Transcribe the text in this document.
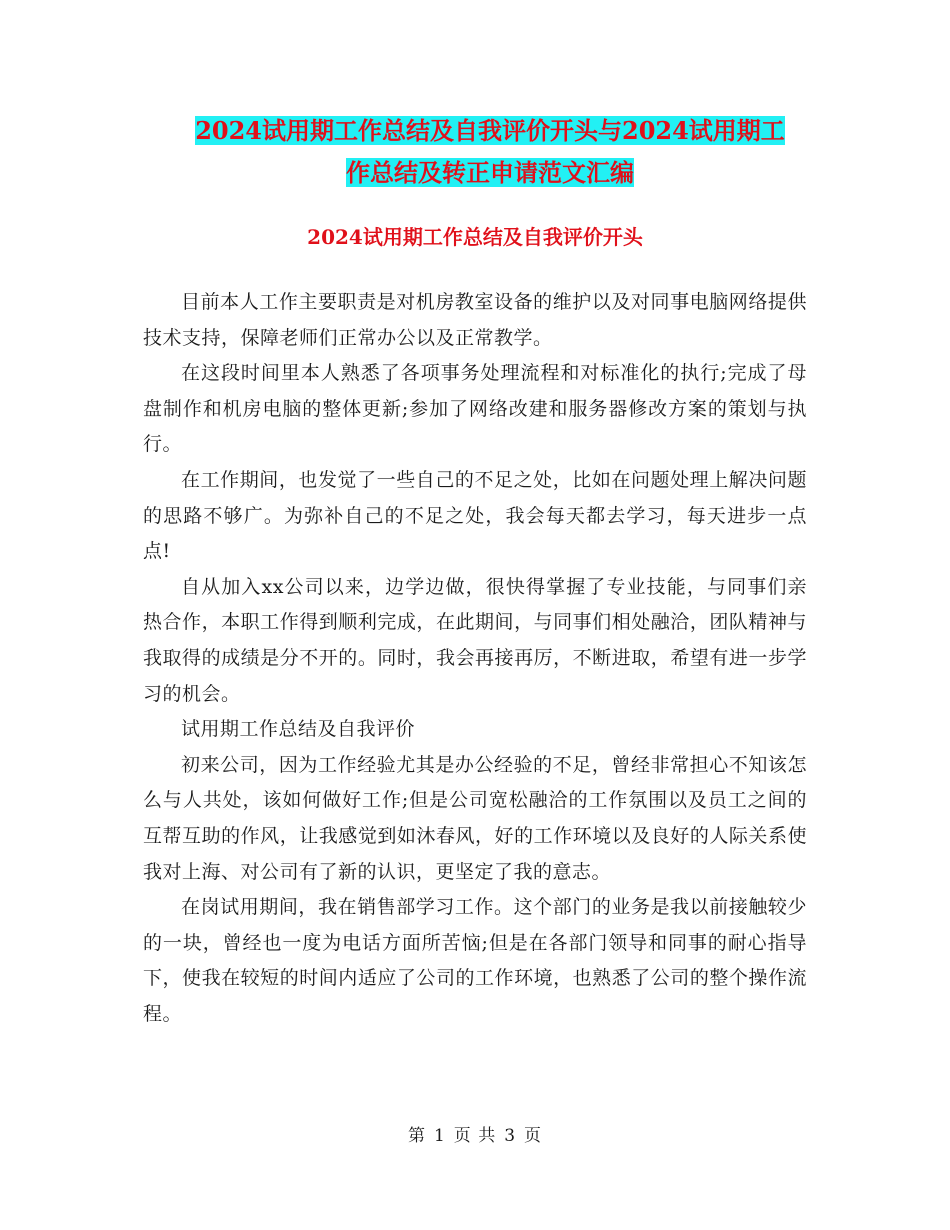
2024试用期工作总结及自我评价开头与2024试用期工
作总结及转正申请范文汇编
2024试用期工作总结及自我评价开头

目前本人工作主要职责是对机房教室设备的维护以及对同事电脑网络提供技术支持，保障老师们正常办公以及正常教学。

在这段时间里本人熟悉了各项事务处理流程和对标准化的执行;完成了母盘制作和机房电脑的整体更新;参加了网络改建和服务器修改方案的策划与执行。

在工作期间，也发觉了一些自己的不足之处，比如在问题处理上解决问题的思路不够广。为弥补自己的不足之处，我会每天都去学习，每天进步一点点!

自从加入xx公司以来，边学边做，很快得掌握了专业技能，与同事们亲热合作，本职工作得到顺利完成，在此期间，与同事们相处融洽，团队精神与我取得的成绩是分不开的。同时，我会再接再厉，不断进取，希望有进一步学习的机会。

试用期工作总结及自我评价

初来公司，因为工作经验尤其是办公经验的不足，曾经非常担心不知该怎么与人共处，该如何做好工作;但是公司宽松融洽的工作氛围以及员工之间的互帮互助的作风，让我感觉到如沐春风，好的工作环境以及良好的人际关系使我对上海、对公司有了新的认识，更坚定了我的意志。

在岗试用期间，我在销售部学习工作。这个部门的业务是我以前接触较少的一块，曾经也一度为电话方面所苦恼;但是在各部门领导和同事的耐心指导下，使我在较短的时间内适应了公司的工作环境，也熟悉了公司的整个操作流程。

第 1 页 共 3 页
